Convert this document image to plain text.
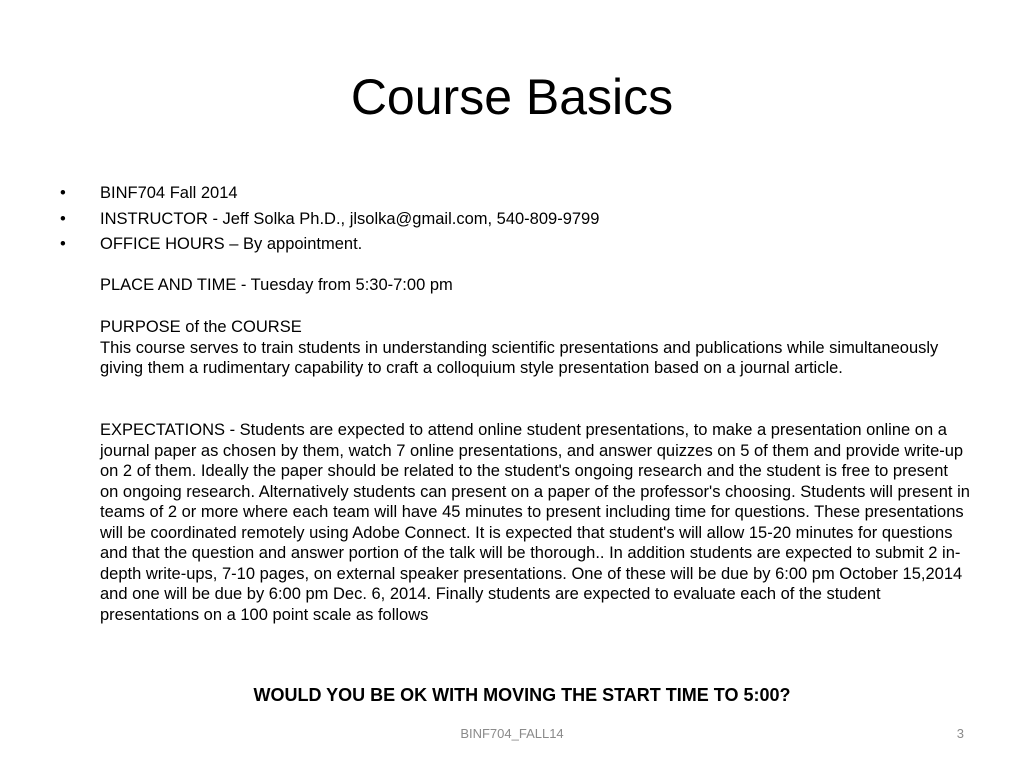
Course Basics
•	BINF704 Fall 2014
•	INSTRUCTOR - Jeff Solka Ph.D., jlsolka@gmail.com, 540-809-9799
•	OFFICE HOURS – By appointment.

PLACE AND TIME - Tuesday from 5:30-7:00 pm

PURPOSE of the COURSE
This course serves to train students in understanding scientific presentations and publications while simultaneously giving them a rudimentary capability to craft a colloquium style presentation based on a journal article.

EXPECTATIONS - Students are expected to attend online student presentations, to make a presentation online on a journal paper as chosen by them, watch 7 online presentations, and answer quizzes on 5 of them and provide write-up on 2 of them. Ideally the paper should be related to the student's ongoing research and the student is free to present on ongoing research. Alternatively students can present on a paper of the professor's choosing. Students will present in teams of 2 or more where each team will have 45 minutes to present including time for questions. These presentations will be coordinated remotely using Adobe Connect. It is expected that student's will allow 15-20 minutes for questions and that the question and answer portion of the talk will be thorough.. In addition students are expected to submit 2 in-depth write-ups, 7-10 pages, on external speaker presentations. One of these will be due by 6:00 pm October 15,2014 and one will be due by 6:00 pm Dec. 6, 2014. Finally students are expected to evaluate each of the student presentations on a 100 point scale as follows

WOULD YOU BE OK WITH MOVING THE START TIME TO 5:00?

BINF704_FALL14	3
